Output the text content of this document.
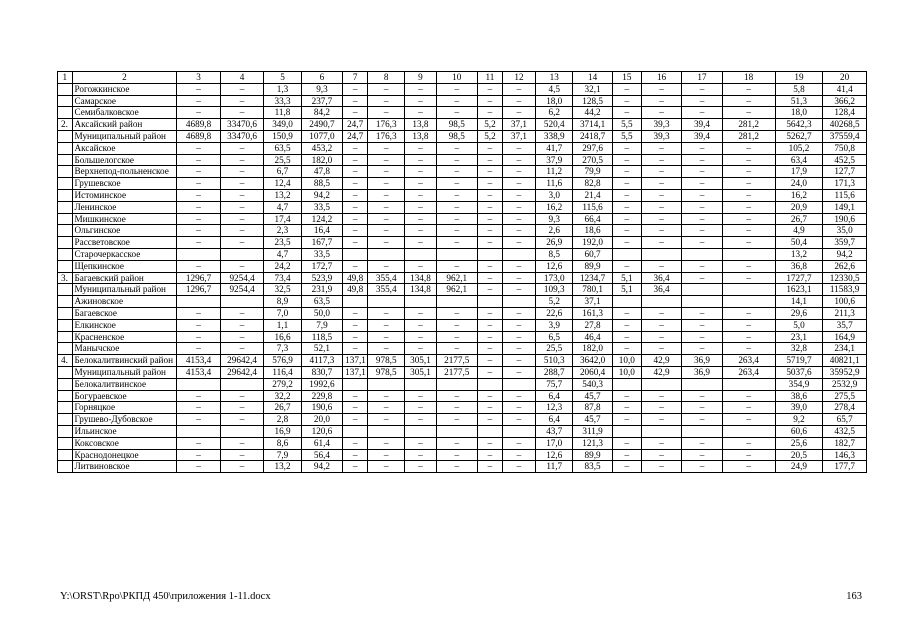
1	2	3	4	5	6	7	8	9	10	11	12	13	14	15	16	17	18	19	20
	Рогожкинское	–	–	1,3	9,3	–	–	–	–	–	–	4,5	32,1	–	–	–	–	5,8	41,4
	Самарское	–	–	33,3	237,7	–	–	–	–	–	–	18,0	128,5	–	–	–	–	51,3	366,2
	Семибалковское	–	–	11,8	84,2	–	–	–	–	–	–	6,2	44,2	–	–	–	–	18,0	128,4
2.	Аксайский район	4689,8	33470,6	349,0	2490,7	24,7	176,3	13,8	98,5	5,2	37,1	520,4	3714,1	5,5	39,3	39,4	281,2	5642,3	40268,5
	Муниципальный район	4689,8	33470,6	150,9	1077,0	24,7	176,3	13,8	98,5	5,2	37,1	338,9	2418,7	5,5	39,3	39,4	281,2	5262,7	37559,4
	Аксайское	–	–	63,5	453,2	–	–	–	–	–	–	41,7	297,6	–	–	–	–	105,2	750,8
	Большелогское	–	–	25,5	182,0	–	–	–	–	–	–	37,9	270,5	–	–	–	–	63,4	452,5
	Верхнепод-польненское	–	–	6,7	47,8	–	–	–	–	–	–	11,2	79,9	–	–	–	–	17,9	127,7
	Грушевское	–	–	12,4	88,5	–	–	–	–	–	–	11,6	82,8	–	–	–	–	24,0	171,3
	Истоминское	–	–	13,2	94,2	–	–	–	–	–	–	3,0	21,4	–	–	–	–	16,2	115,6
	Ленинское	–	–	4,7	33,5	–	–	–	–	–	–	16,2	115,6	–	–	–	–	20,9	149,1
	Мишкинское	–	–	17,4	124,2	–	–	–	–	–	–	9,3	66,4	–	–	–	–	26,7	190,6
	Ольгинское	–	–	2,3	16,4	–	–	–	–	–	–	2,6	18,6	–	–	–	–	4,9	35,0
	Рассветовское	–	–	23,5	167,7	–	–	–	–	–	–	26,9	192,0	–	–	–	–	50,4	359,7
	Старочеркасское			4,7	33,5							8,5	60,7					13,2	94,2
	Щепкинское	–	–	24,2	172,7	–	–	–	–	–	–	12,6	89,9	–	–	–	–	36,8	262,6
3.	Багаевский район	1296,7	9254,4	73,4	523,9	49,8	355,4	134,8	962,1	–	–	173,0	1234,7	5,1	36,4	–	–	1727,7	12330,5
	Муниципальный район	1296,7	9254,4	32,5	231,9	49,8	355,4	134,8	962,1	–	–	109,3	780,1	5,1	36,4			1623,1	11583,9
	Ажиновское			8,9	63,5							5,2	37,1					14,1	100,6
	Багаевское	–	–	7,0	50,0	–	–	–	–	–	–	22,6	161,3	–	–	–	–	29,6	211,3
	Елкинское	–	–	1,1	7,9	–	–	–	–	–	–	3,9	27,8	–	–	–	–	5,0	35,7
	Красненское	–	–	16,6	118,5	–	–	–	–	–	–	6,5	46,4	–	–	–	–	23,1	164,9
	Манычское	–	–	7,3	52,1	–	–	–	–	–	–	25,5	182,0	–	–	–	–	32,8	234,1
4.	Белокалитвинский район	4153,4	29642,4	576,9	4117,3	137,1	978,5	305,1	2177,5	–	–	510,3	3642,0	10,0	42,9	36,9	263,4	5719,7	40821,1
	Муниципальный район	4153,4	29642,4	116,4	830,7	137,1	978,5	305,1	2177,5	–	–	288,7	2060,4	10,0	42,9	36,9	263,4	5037,6	35952,9
	Белокалитвинское			279,2	1992,6							75,7	540,3					354,9	2532,9
	Богураевское	–	–	32,2	229,8	–	–	–	–	–	–	6,4	45,7	–	–	–	–	38,6	275,5
	Горняцкое	–	–	26,7	190,6	–	–	–	–	–	–	12,3	87,8	–	–	–	–	39,0	278,4
	Грушево-Дубовское	–	–	2,8	20,0	–	–	–	–	–	–	6,4	45,7	–	–	–	–	9,2	65,7
	Ильинское			16,9	120,6							43,7	311,9					60,6	432,5
	Коксовское	–	–	8,6	61,4	–	–	–	–	–	–	17,0	121,3	–	–	–	–	25,6	182,7
	Краснодонецкое	–	–	7,9	56,4	–	–	–	–	–	–	12,6	89,9	–	–	–	–	20,5	146,3
	Литвиновское	–	–	13,2	94,2	–	–	–	–	–	–	11,7	83,5	–	–	–	–	24,9	177,7
Y:\ORST\Rpo\РКПД 450\приложения 1-11.docx	163
